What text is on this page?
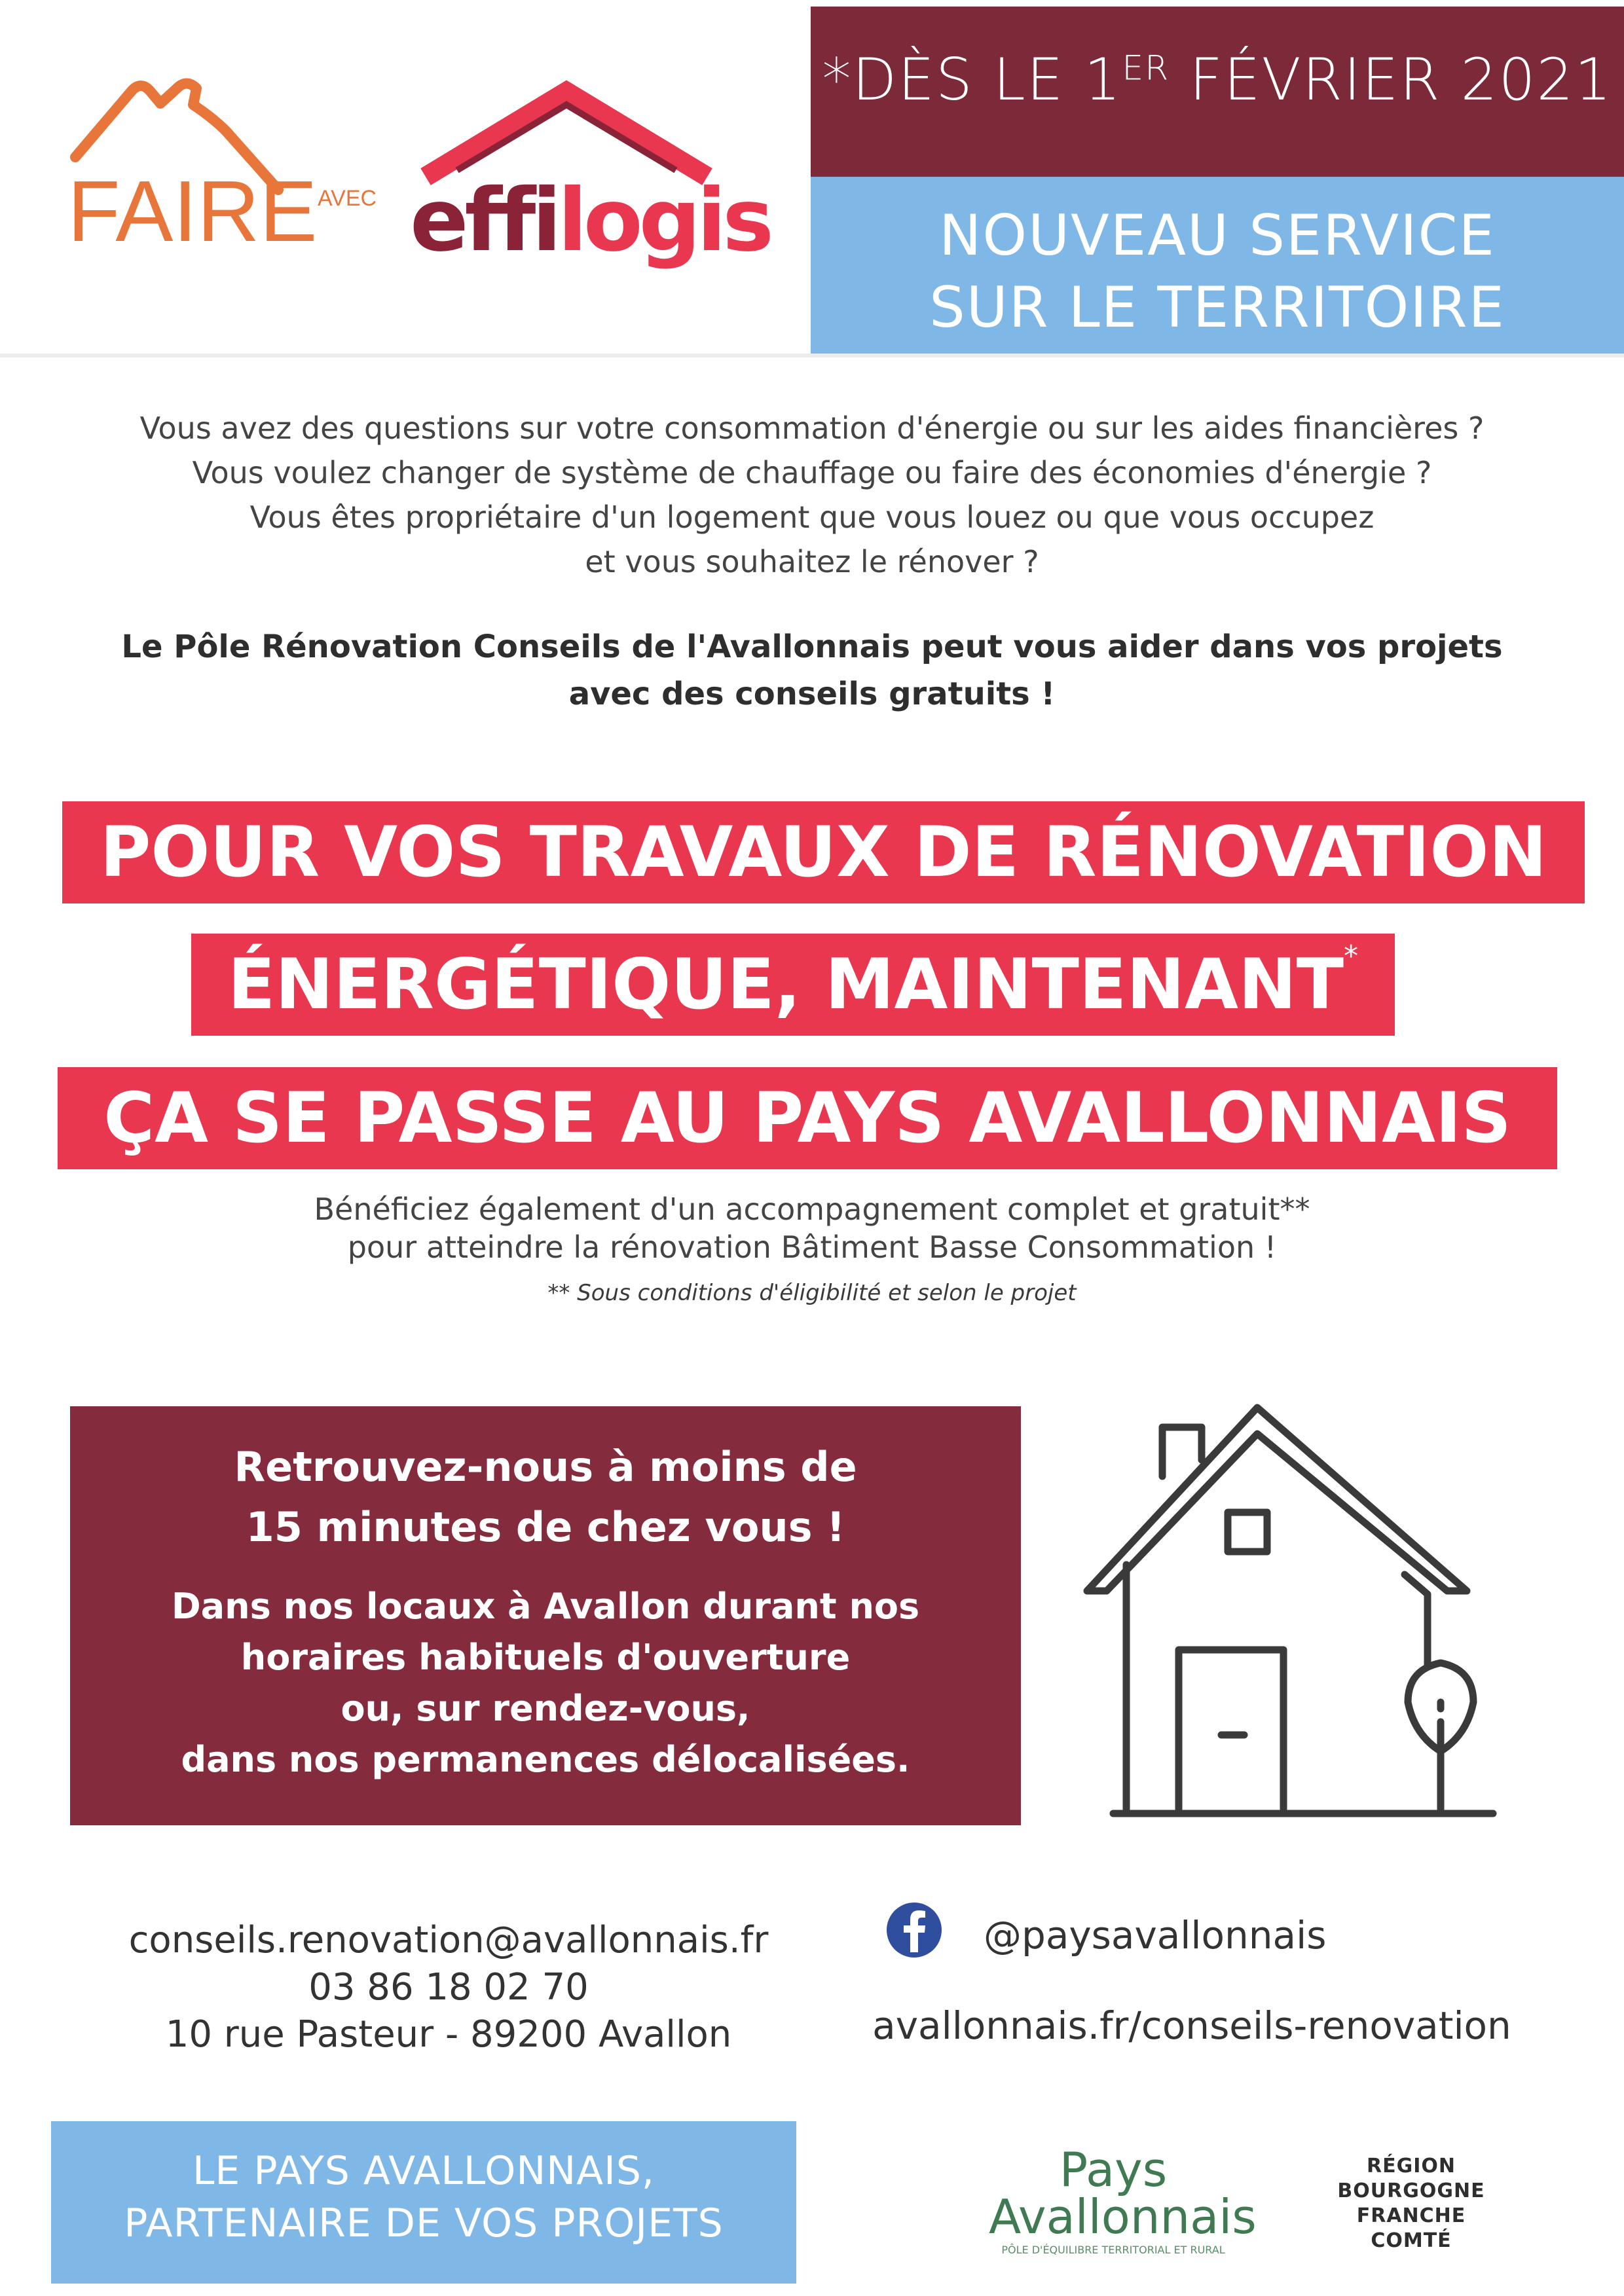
*DÈS LE 1ER FÉVRIER 2021
NOUVEAU SERVICE
SUR LE TERRITOIRE
FAIRE AVEC effilogis
Vous avez des questions sur votre consommation d'énergie ou sur les aides financières ?
Vous voulez changer de système de chauffage ou faire des économies d'énergie ?
Vous êtes propriétaire d'un logement que vous louez ou que vous occupez
et vous souhaitez le rénover ?
Le Pôle Rénovation Conseils de l'Avallonnais peut vous aider dans vos projets
avec des conseils gratuits !
POUR VOS TRAVAUX DE RÉNOVATION
ÉNERGÉTIQUE, MAINTENANT*
ÇA SE PASSE AU PAYS AVALLONNAIS
Bénéficiez également d'un accompagnement complet et gratuit**
pour atteindre la rénovation Bâtiment Basse Consommation !
** Sous conditions d'éligibilité et selon le projet
Retrouvez-nous à moins de
15 minutes de chez vous !
Dans nos locaux à Avallon durant nos
horaires habituels d'ouverture
ou, sur rendez-vous,
dans nos permanences délocalisées.
conseils.renovation@avallonnais.fr
03 86 18 02 70
10 rue Pasteur - 89200 Avallon
@paysavallonnais
avallonnais.fr/conseils-renovation
LE PAYS AVALLONNAIS,
PARTENAIRE DE VOS PROJETS
Pays
Avallonnais
PÔLE D'ÉQUILIBRE TERRITORIAL ET RURAL
RÉGION
BOURGOGNE
FRANCHE
COMTÉ
